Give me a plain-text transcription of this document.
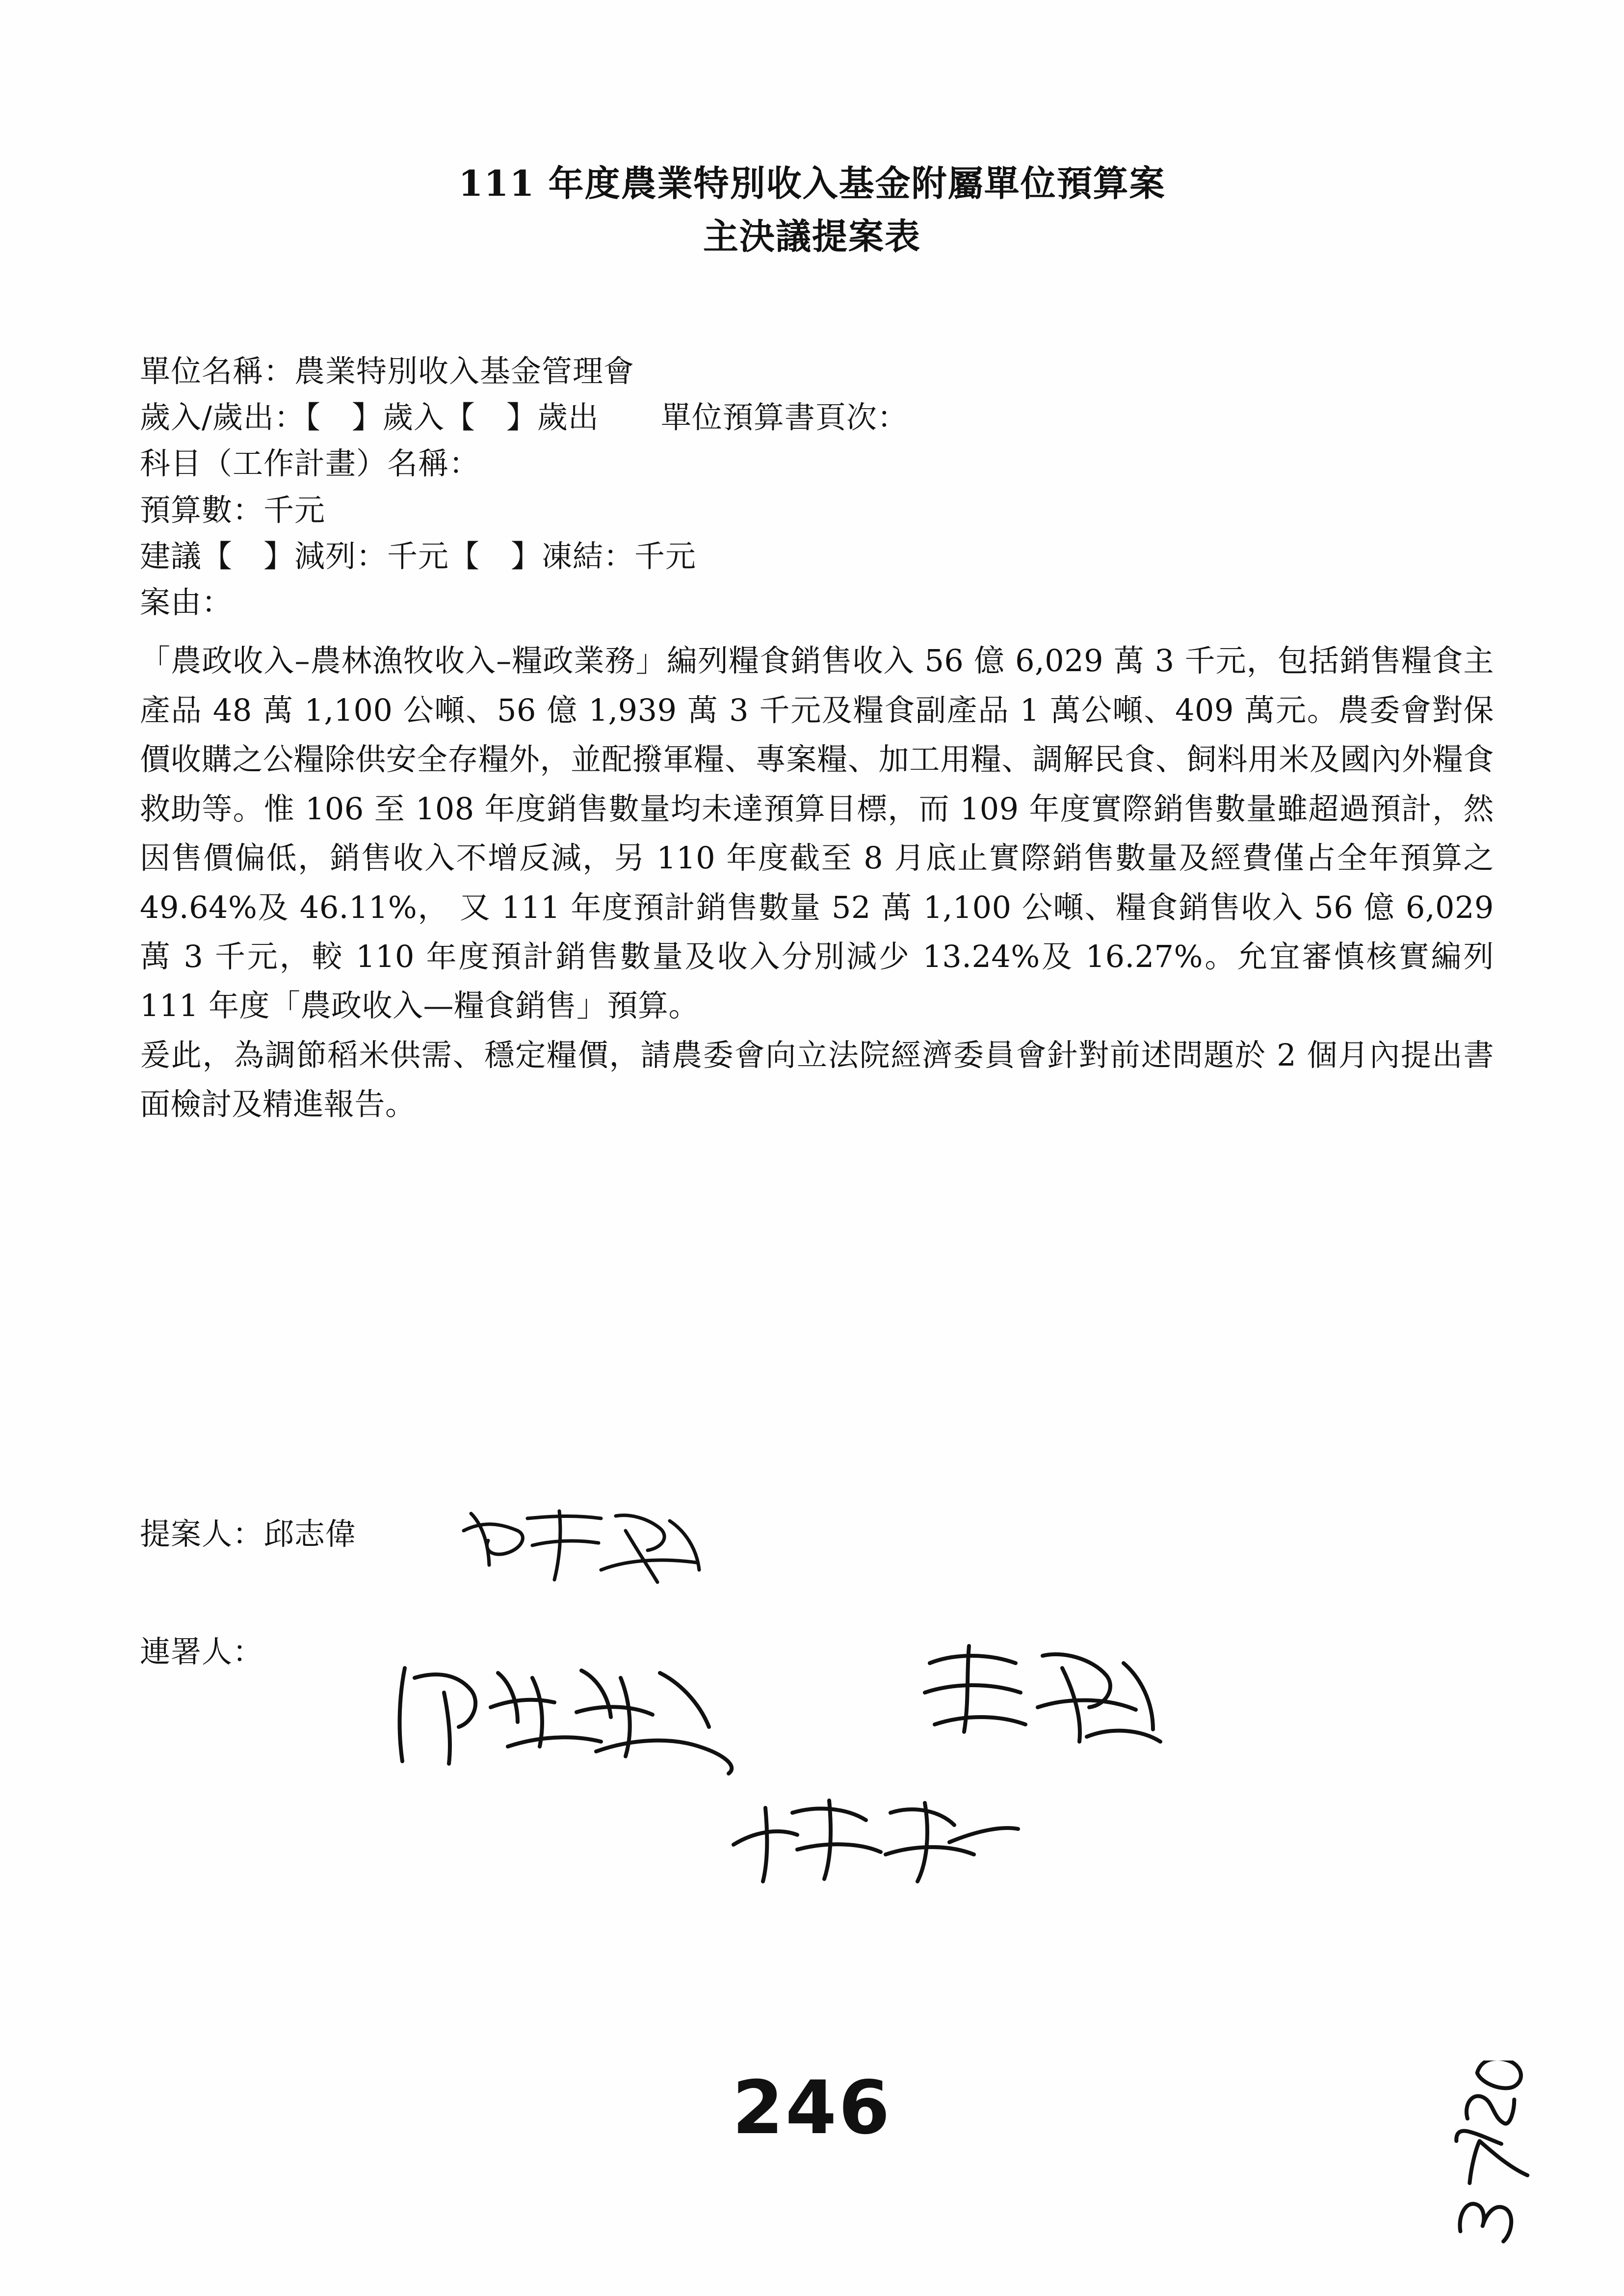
111 年度農業特別收入基金附屬單位預算案
主決議提案表
單位名稱：農業特別收入基金管理會
歲入/歲出：【　】歲入【　】歲出　　單位預算書頁次：
科目（工作計畫）名稱：
預算數：千元
建議【　】減列：千元【　】凍結：千元
案由：
「農政收入–農林漁牧收入–糧政業務」編列糧食銷售收入 56 億 6,029 萬 3 千元，包括銷售糧食主產品 48 萬 1,100 公噸、56 億 1,939 萬 3 千元及糧食副產品 1 萬公噸、409 萬元。農委會對保價收購之公糧除供安全存糧外，並配撥軍糧、專案糧、加工用糧、調解民食、飼料用米及國內外糧食救助等。惟 106 至 108 年度銷售數量均未達預算目標，而 109 年度實際銷售數量雖超過預計，然因售價偏低，銷售收入不增反減，另 110 年度截至 8 月底止實際銷售數量及經費僅占全年預算之 49.64%及 46.11%， 又 111 年度預計銷售數量 52 萬 1,100 公噸、糧食銷售收入 56 億 6,029 萬 3 千元，較 110 年度預計銷售數量及收入分別減少 13.24%及 16.27%。允宜審慎核實編列 111 年度「農政收入—糧食銷售」預算。
爰此，為調節稻米供需、穩定糧價，請農委會向立法院經濟委員會針對前述問題於 2 個月內提出書面檢討及精進報告。
提案人：邱志偉
連署人：
246
